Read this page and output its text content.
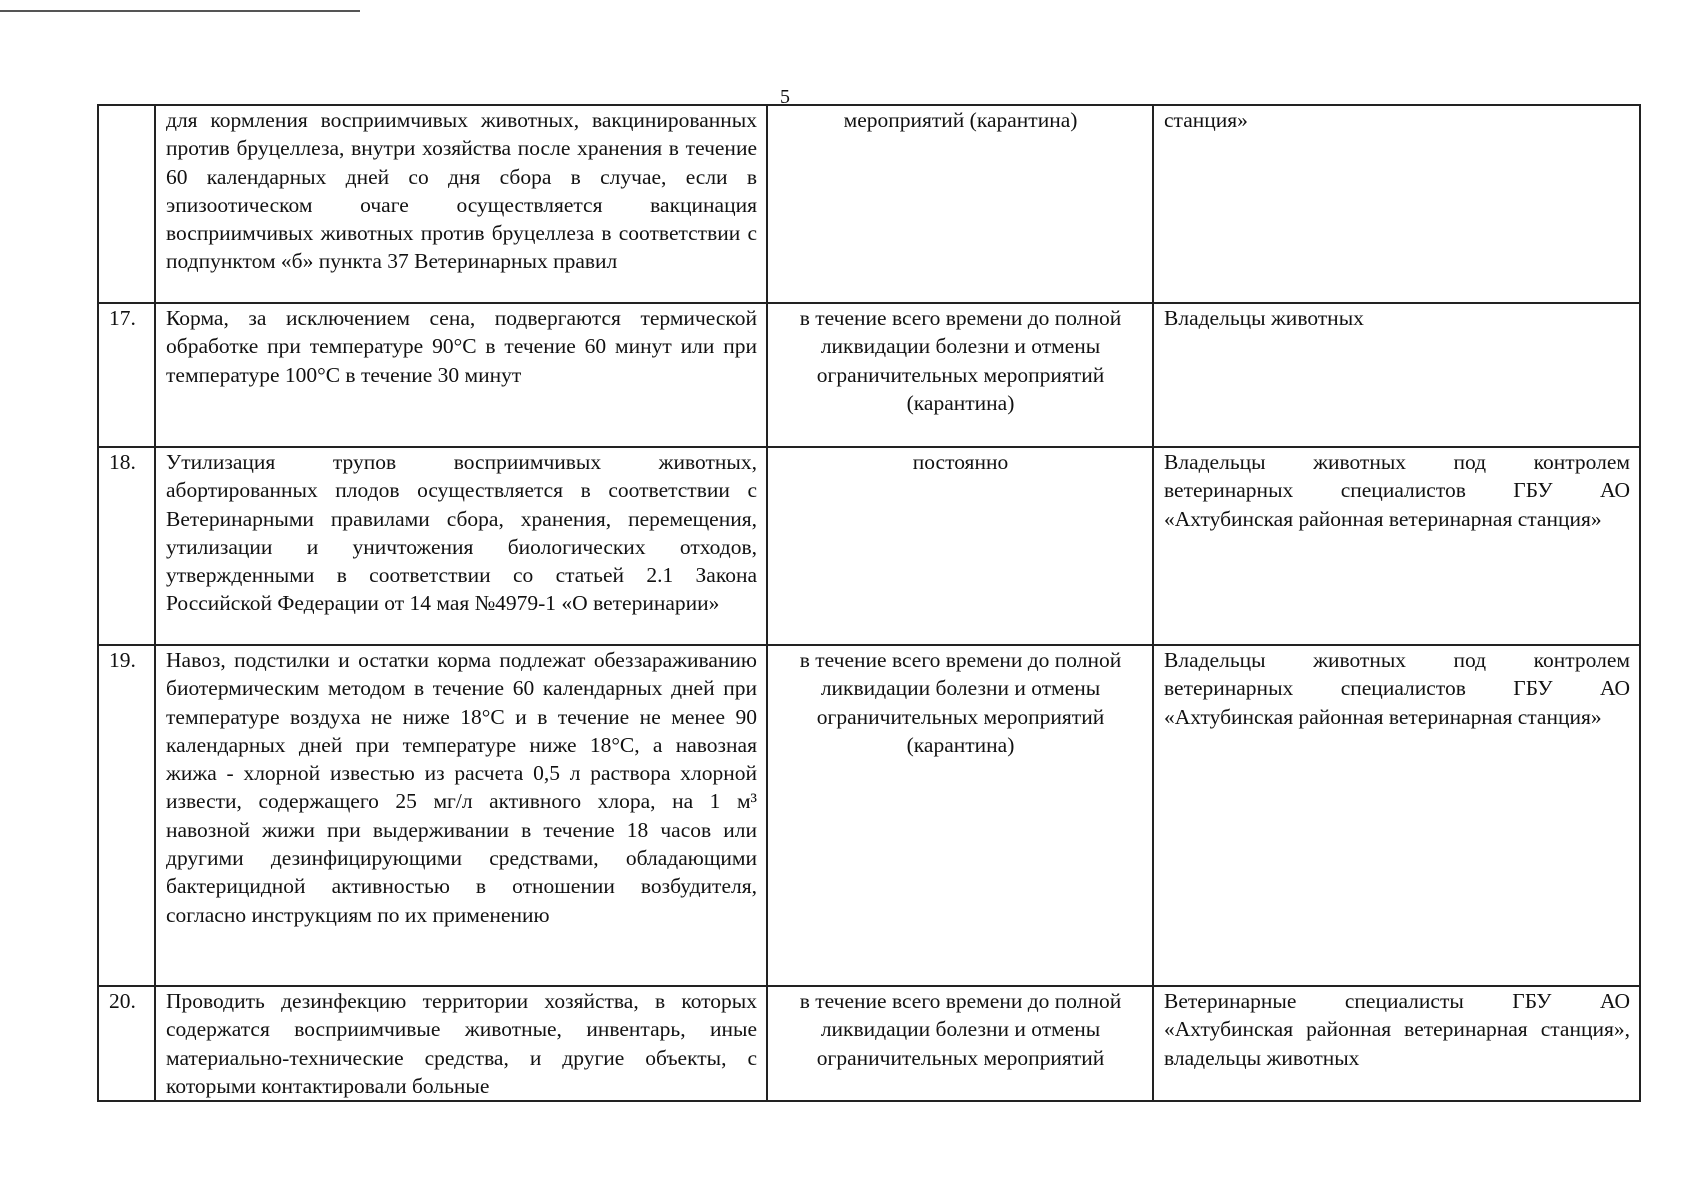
5
	для кормления восприимчивых животных, вакцинированных против бруцеллеза, внутри хозяйства после хранения в течение 60 календарных дней со дня сбора в случае, если в эпизоотическом очаге осуществляется вакцинация восприимчивых животных против бруцеллеза в соответствии с подпунктом «б» пункта 37 Ветеринарных правил	мероприятий (карантина)	станция»
17.	Корма, за исключением сена, подвергаются термической обработке при температуре 90°С в течение 60 минут или при температуре 100°С в течение 30 минут	в течение всего времени до полной ликвидации болезни и отмены ограничительных мероприятий (карантина)	Владельцы животных
18.	Утилизация трупов восприимчивых животных, абортированных плодов осуществляется в соответствии с Ветеринарными правилами сбора, хранения, перемещения, утилизации и уничтожения биологических отходов, утвержденными в соответствии со статьей 2.1 Закона Российской Федерации от 14 мая №4979-1 «О ветеринарии»	постоянно	Владельцы животных под контролем ветеринарных специалистов ГБУ АО «Ахтубинская районная ветеринарная станция»
19.	Навоз, подстилки и остатки корма подлежат обеззараживанию биотермическим методом в течение 60 календарных дней при температуре воздуха не ниже 18°С и в течение не менее 90 календарных дней при температуре ниже 18°С, а навозная жижа - хлорной известью из расчета 0,5 л раствора хлорной извести, содержащего 25 мг/л активного хлора, на 1 м³ навозной жижи при выдерживании в течение 18 часов или другими дезинфицирующими средствами, обладающими бактерицидной активностью в отношении возбудителя, согласно инструкциям по их применению	в течение всего времени до полной ликвидации болезни и отмены ограничительных мероприятий (карантина)	Владельцы животных под контролем ветеринарных специалистов ГБУ АО «Ахтубинская районная ветеринарная станция»
20.	Проводить дезинфекцию территории хозяйства, в которых содержатся восприимчивые животные, инвентарь, иные материально-технические средства, и другие объекты, с которыми контактировали больные	в течение всего времени до полной ликвидации болезни и отмены ограничительных мероприятий	Ветеринарные специалисты ГБУ АО «Ахтубинская районная ветеринарная станция», владельцы животных
